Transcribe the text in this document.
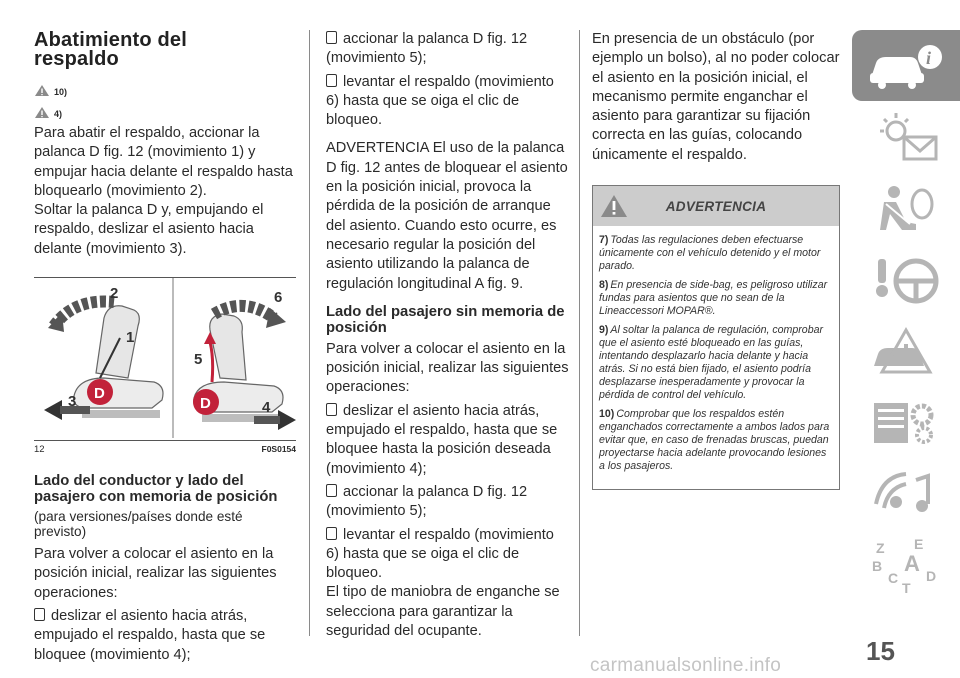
Abatimiento del
respaldo
10)
4)

Para abatir el respaldo, accionar la palanca D fig. 12 (movimiento 1) y empujar hacia delante el respaldo hasta bloquearlo (movimiento 2).

Soltar la palanca D y, empujando el respaldo, deslizar el asiento hacia delante (movimiento 3).

2
1
D
3
6
5
D	4
12	F0S0154
Lado del conductor y lado del pasajero con memoria de posición

(para versiones/países donde esté previsto)

Para volver a colocar el asiento en la posición inicial, realizar las siguientes operaciones:

deslizar el asiento hacia atrás, empujado el respaldo, hasta que se bloquee (movimiento 4);

accionar la palanca D fig. 12 (movimiento 5);

levantar el respaldo (movimiento 6) hasta que se oiga el clic de bloqueo.

ADVERTENCIA El uso de la palanca D fig. 12 antes de bloquear el asiento en la posición inicial, provoca la pérdida de la posición de arranque del asiento. Cuando esto ocurre, es necesario regular la posición del asiento utilizando la palanca de regulación longitudinal A fig. 9.

Lado del pasajero sin memoria de posición

Para volver a colocar el asiento en la posición inicial, realizar las siguientes operaciones:

deslizar el asiento hacia atrás, empujado el respaldo, hasta que se bloquee hasta la posición deseada (movimiento 4);

accionar la palanca D fig. 12 (movimiento 5);

levantar el respaldo (movimiento 6) hasta que se oiga el clic de bloqueo.

El tipo de maniobra de enganche se selecciona para garantizar la seguridad del ocupante.

En presencia de un obstáculo (por ejemplo un bolso), al no poder colocar el asiento en la posición inicial, el mecanismo permite enganchar el asiento para garantizar su fijación correcta en las guías, colocando únicamente el respaldo.

ADVERTENCIA

7) Todas las regulaciones deben efectuarse únicamente con el vehículo detenido y el motor parado.

8) En presencia de side-bag, es peligroso utilizar fundas para asientos que no sean de la Lineaccessori MOPAR®.

9) Al soltar la palanca de regulación, comprobar que el asiento esté bloqueado en las guías, intentando desplazarlo hacia delante y hacia atrás. Si no está bien fijado, el asiento podría desplazarse inesperadamente y provocar la pérdida de control del vehículo.

10) Comprobar que los respaldos estén enganchados correctamente a ambos lados para evitar que, en caso de frenadas bruscas, puedan proyectarse hacia adelante provocando lesiones a los pasajeros.

i
Z E
B A
C D
T
15
carmanualsonline.info
